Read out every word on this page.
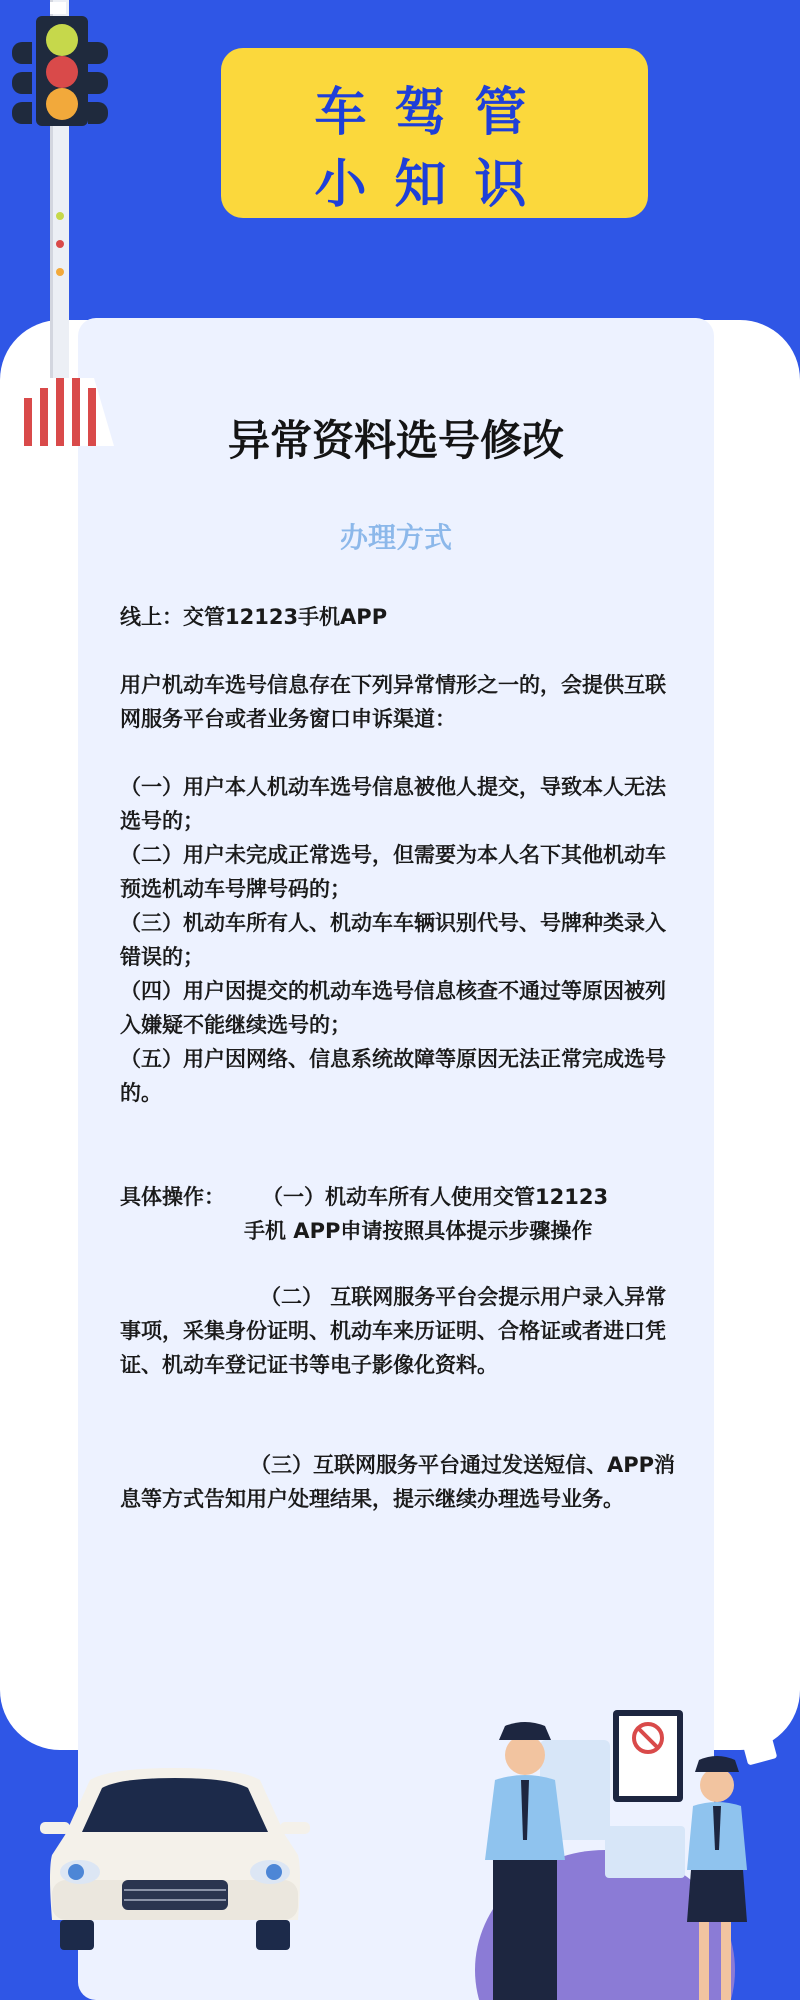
车驾管
小知识
异常资料选号修改
办理方式

线上：交管12123手机APP

用户机动车选号信息存在下列异常情形之一的，会提供互联网服务平台或者业务窗口申诉渠道：

（一）用户本人机动车选号信息被他人提交，导致本人无法选号的；
（二）用户未完成正常选号，但需要为本人名下其他机动车预选机动车号牌号码的；
（三）机动车所有人、机动车车辆识别代号、号牌种类录入错误的；
（四）用户因提交的机动车选号信息核查不通过等原因被列入嫌疑不能继续选号的；
（五）用户因网络、信息系统故障等原因无法正常完成选号的。
具体操作： （一）机动车所有人使用交管12123
手机 APP申请按照具体提示步骤操作

（二） 互联网服务平台会提示用户录入异常事项，采集身份证明、机动车来历证明、合格证或者进口凭证、机动车登记证书等电子影像化资料。

（三）互联网服务平台通过发送短信、APP消息等方式告知用户处理结果，提示继续办理选号业务。
